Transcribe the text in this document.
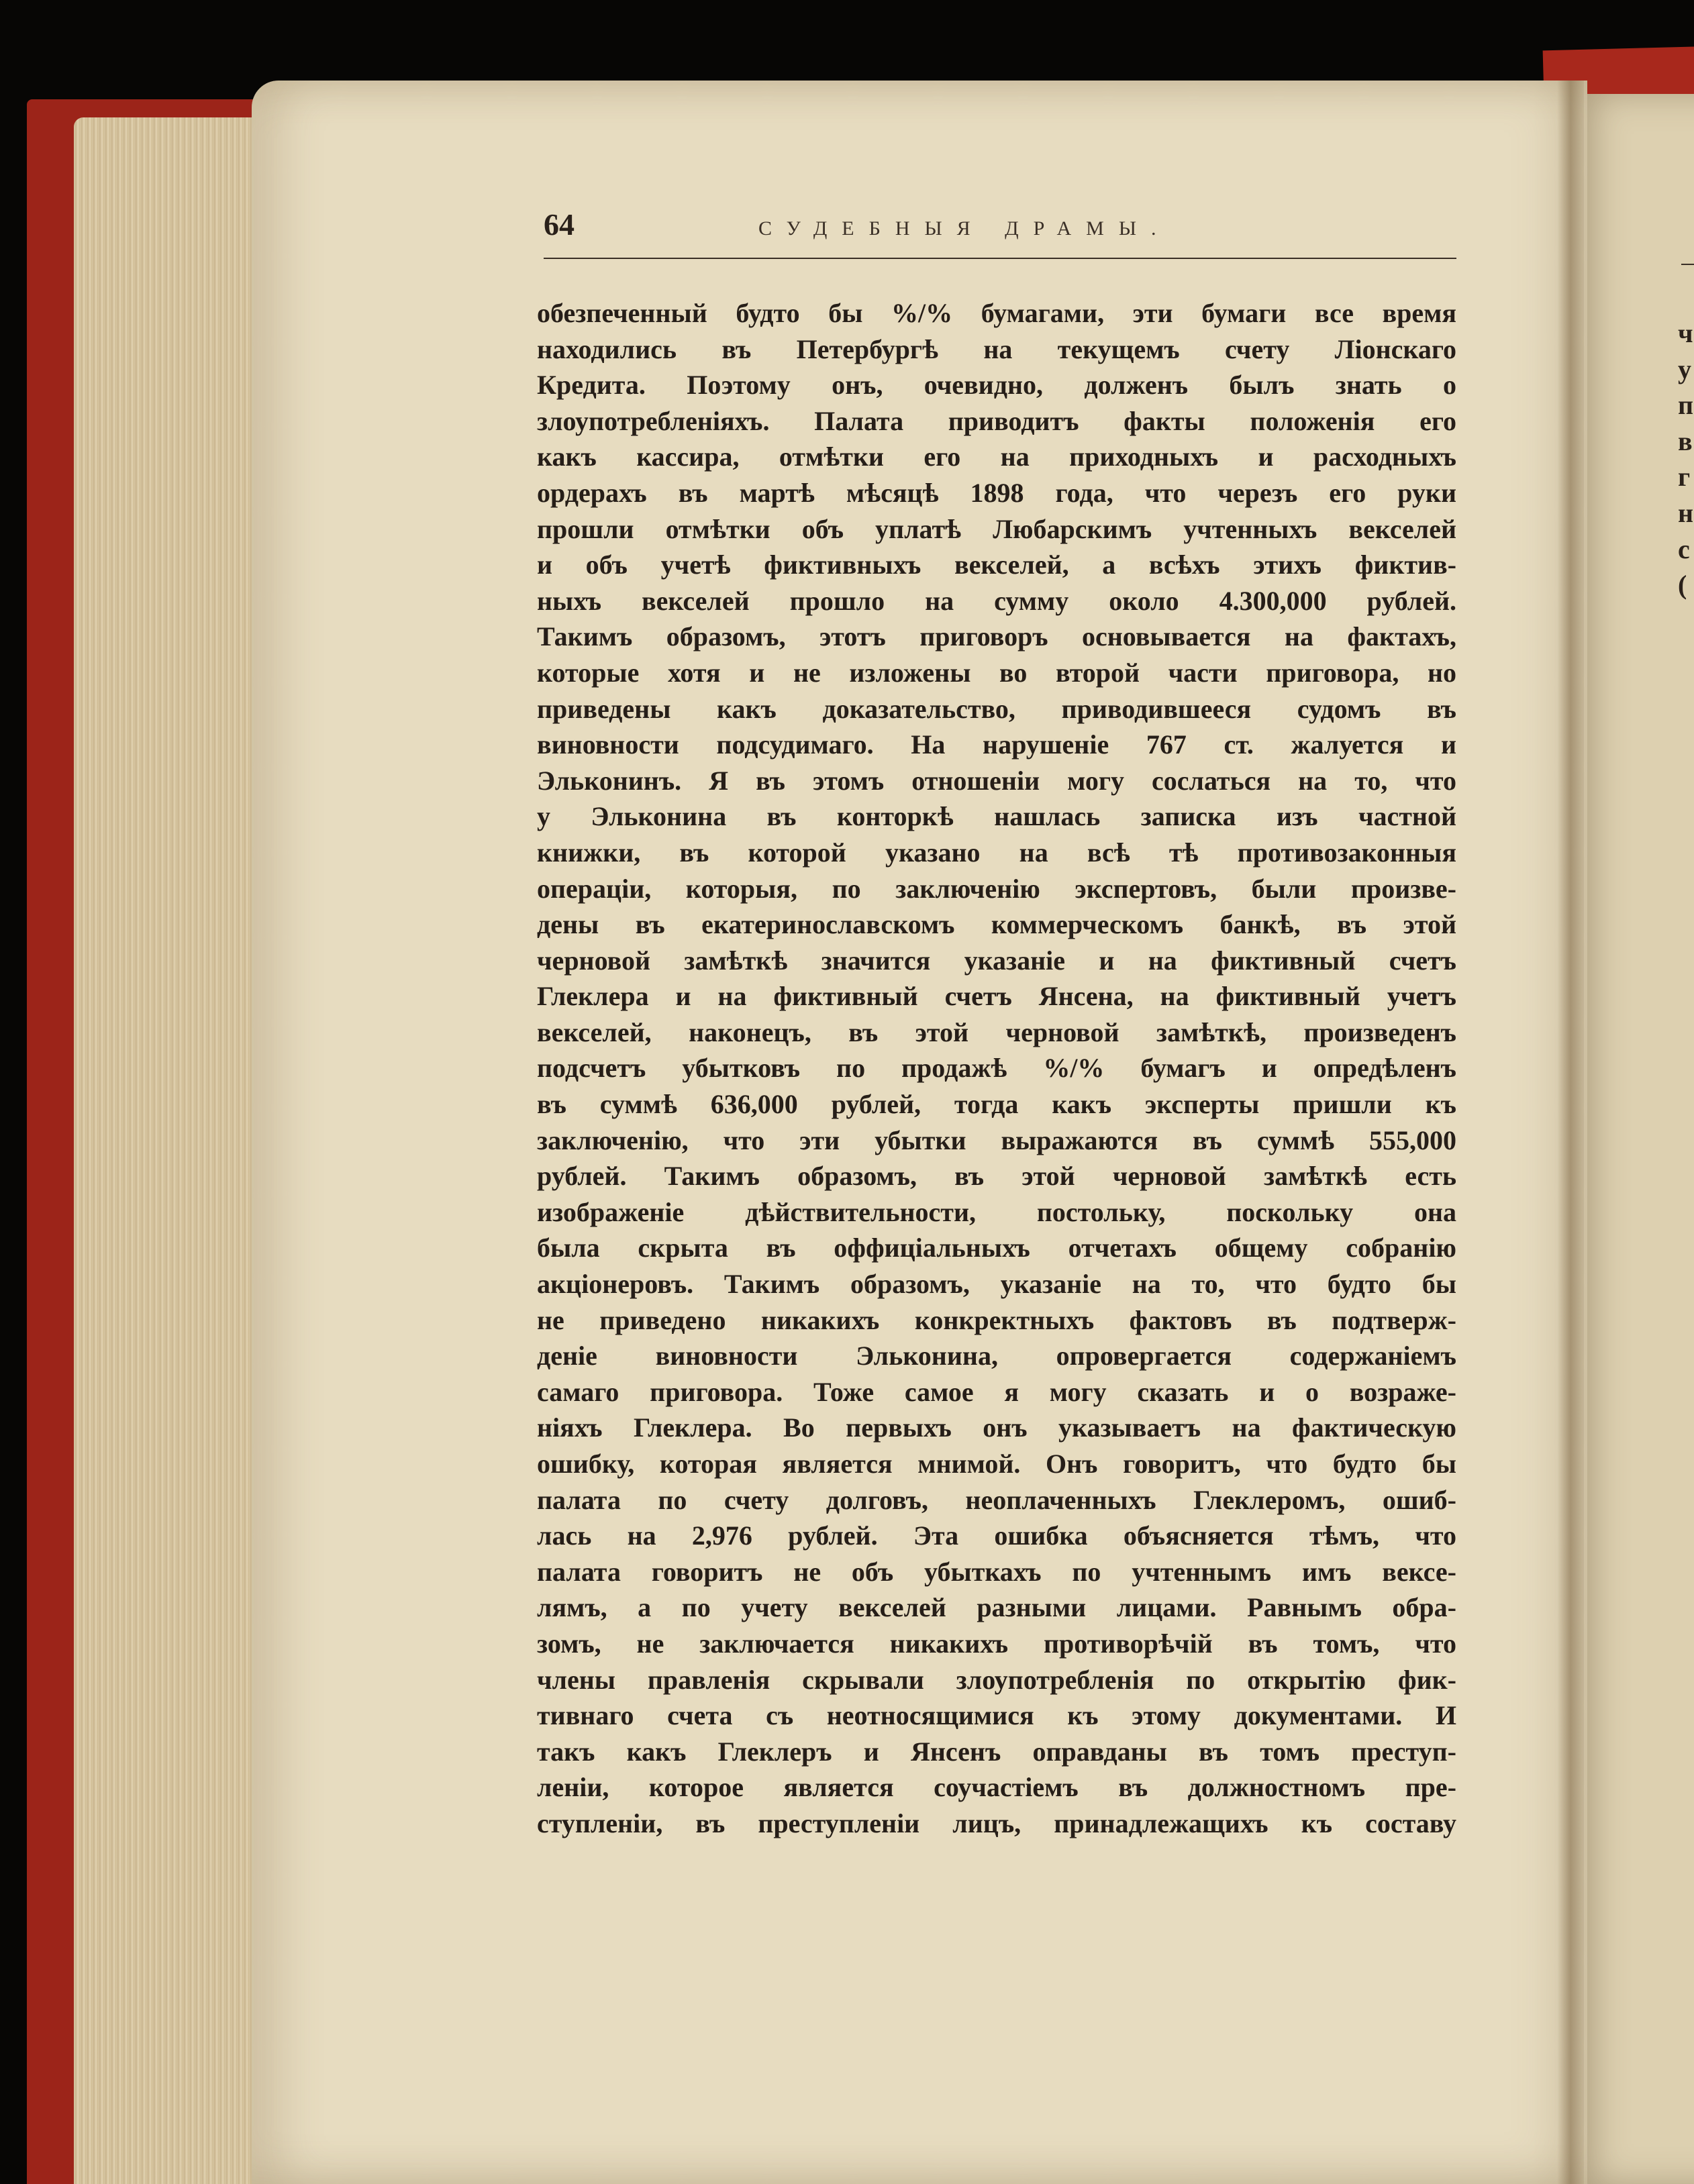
64	СУДЕБНЫЯ ДРАМЫ.
обезпеченный будто бы %/% бумагами, эти бумаги все время
находились въ Петербургѣ на текущемъ счету Ліонскаго
Кредита. Поэтому онъ, очевидно, долженъ былъ знать о
злоупотребленіяхъ. Палата приводитъ факты положенія его
какъ кассира, отмѣтки его на приходныхъ и расходныхъ
ордерахъ въ мартѣ мѣсяцѣ 1898 года, что черезъ его руки
прошли отмѣтки объ уплатѣ Любарскимъ учтенныхъ векселей
и объ учетѣ фиктивныхъ векселей, а всѣхъ этихъ фиктив-
ныхъ векселей прошло на сумму около 4.300,000 рублей.
Такимъ образомъ, этотъ приговоръ основывается на фактахъ,
которые хотя и не изложены во второй части приговора, но
приведены какъ доказательство, приводившееся судомъ въ
виновности подсудимаго. На нарушеніе 767 ст. жалуется и
Эльконинъ. Я въ этомъ отношеніи могу сослаться на то, что
у Эльконина въ конторкѣ нашлась записка изъ частной
книжки, въ которой указано на всѣ тѣ противозаконныя
операціи, которыя, по заключенію экспертовъ, были произве-
дены въ екатеринославскомъ коммерческомъ банкѣ, въ этой
черновой замѣткѣ значится указаніе и на фиктивный счетъ
Глеклера и на фиктивный счетъ Янсена, на фиктивный учетъ
векселей, наконецъ, въ этой черновой замѣткѣ, произведенъ
подсчетъ убытковъ по продажѣ %/% бумагъ и опредѣленъ
въ суммѣ 636,000 рублей, тогда какъ эксперты пришли къ
заключенію, что эти убытки выражаются въ суммѣ 555,000
рублей. Такимъ образомъ, въ этой черновой замѣткѣ есть
изображеніе дѣйствительности, постольку, поскольку она
была скрыта въ оффиціальныхъ отчетахъ общему собранію
акціонеровъ. Такимъ образомъ, указаніе на то, что будто бы
не приведено никакихъ конкректныхъ фактовъ въ подтверж-
деніе виновности Эльконина, опровергается содержаніемъ
самаго приговора. Тоже самое я могу сказать и о возраже-
ніяхъ Глеклера. Во первыхъ онъ указываетъ на фактическую
ошибку, которая является мнимой. Онъ говоритъ, что будто бы
палата по счету долговъ, неоплаченныхъ Глеклеромъ, ошиб-
лась на 2,976 рублей. Эта ошибка объясняется тѣмъ, что
палата говоритъ не объ убыткахъ по учтеннымъ имъ вексе-
лямъ, а по учету векселей разными лицами. Равнымъ обра-
зомъ, не заключается никакихъ противорѣчій въ томъ, что
члены правленія скрывали злоупотребленія по открытію фик-
тивнаго счета съ неотносящимися къ этому документами. И
такъ какъ Глеклеръ и Янсенъ оправданы въ томъ преступ-
леніи, которое является соучастіемъ въ должностномъ пре-
ступленіи, въ преступленіи лицъ, принадлежащихъ къ составу
ч
у
п
в
г
н
с
(
